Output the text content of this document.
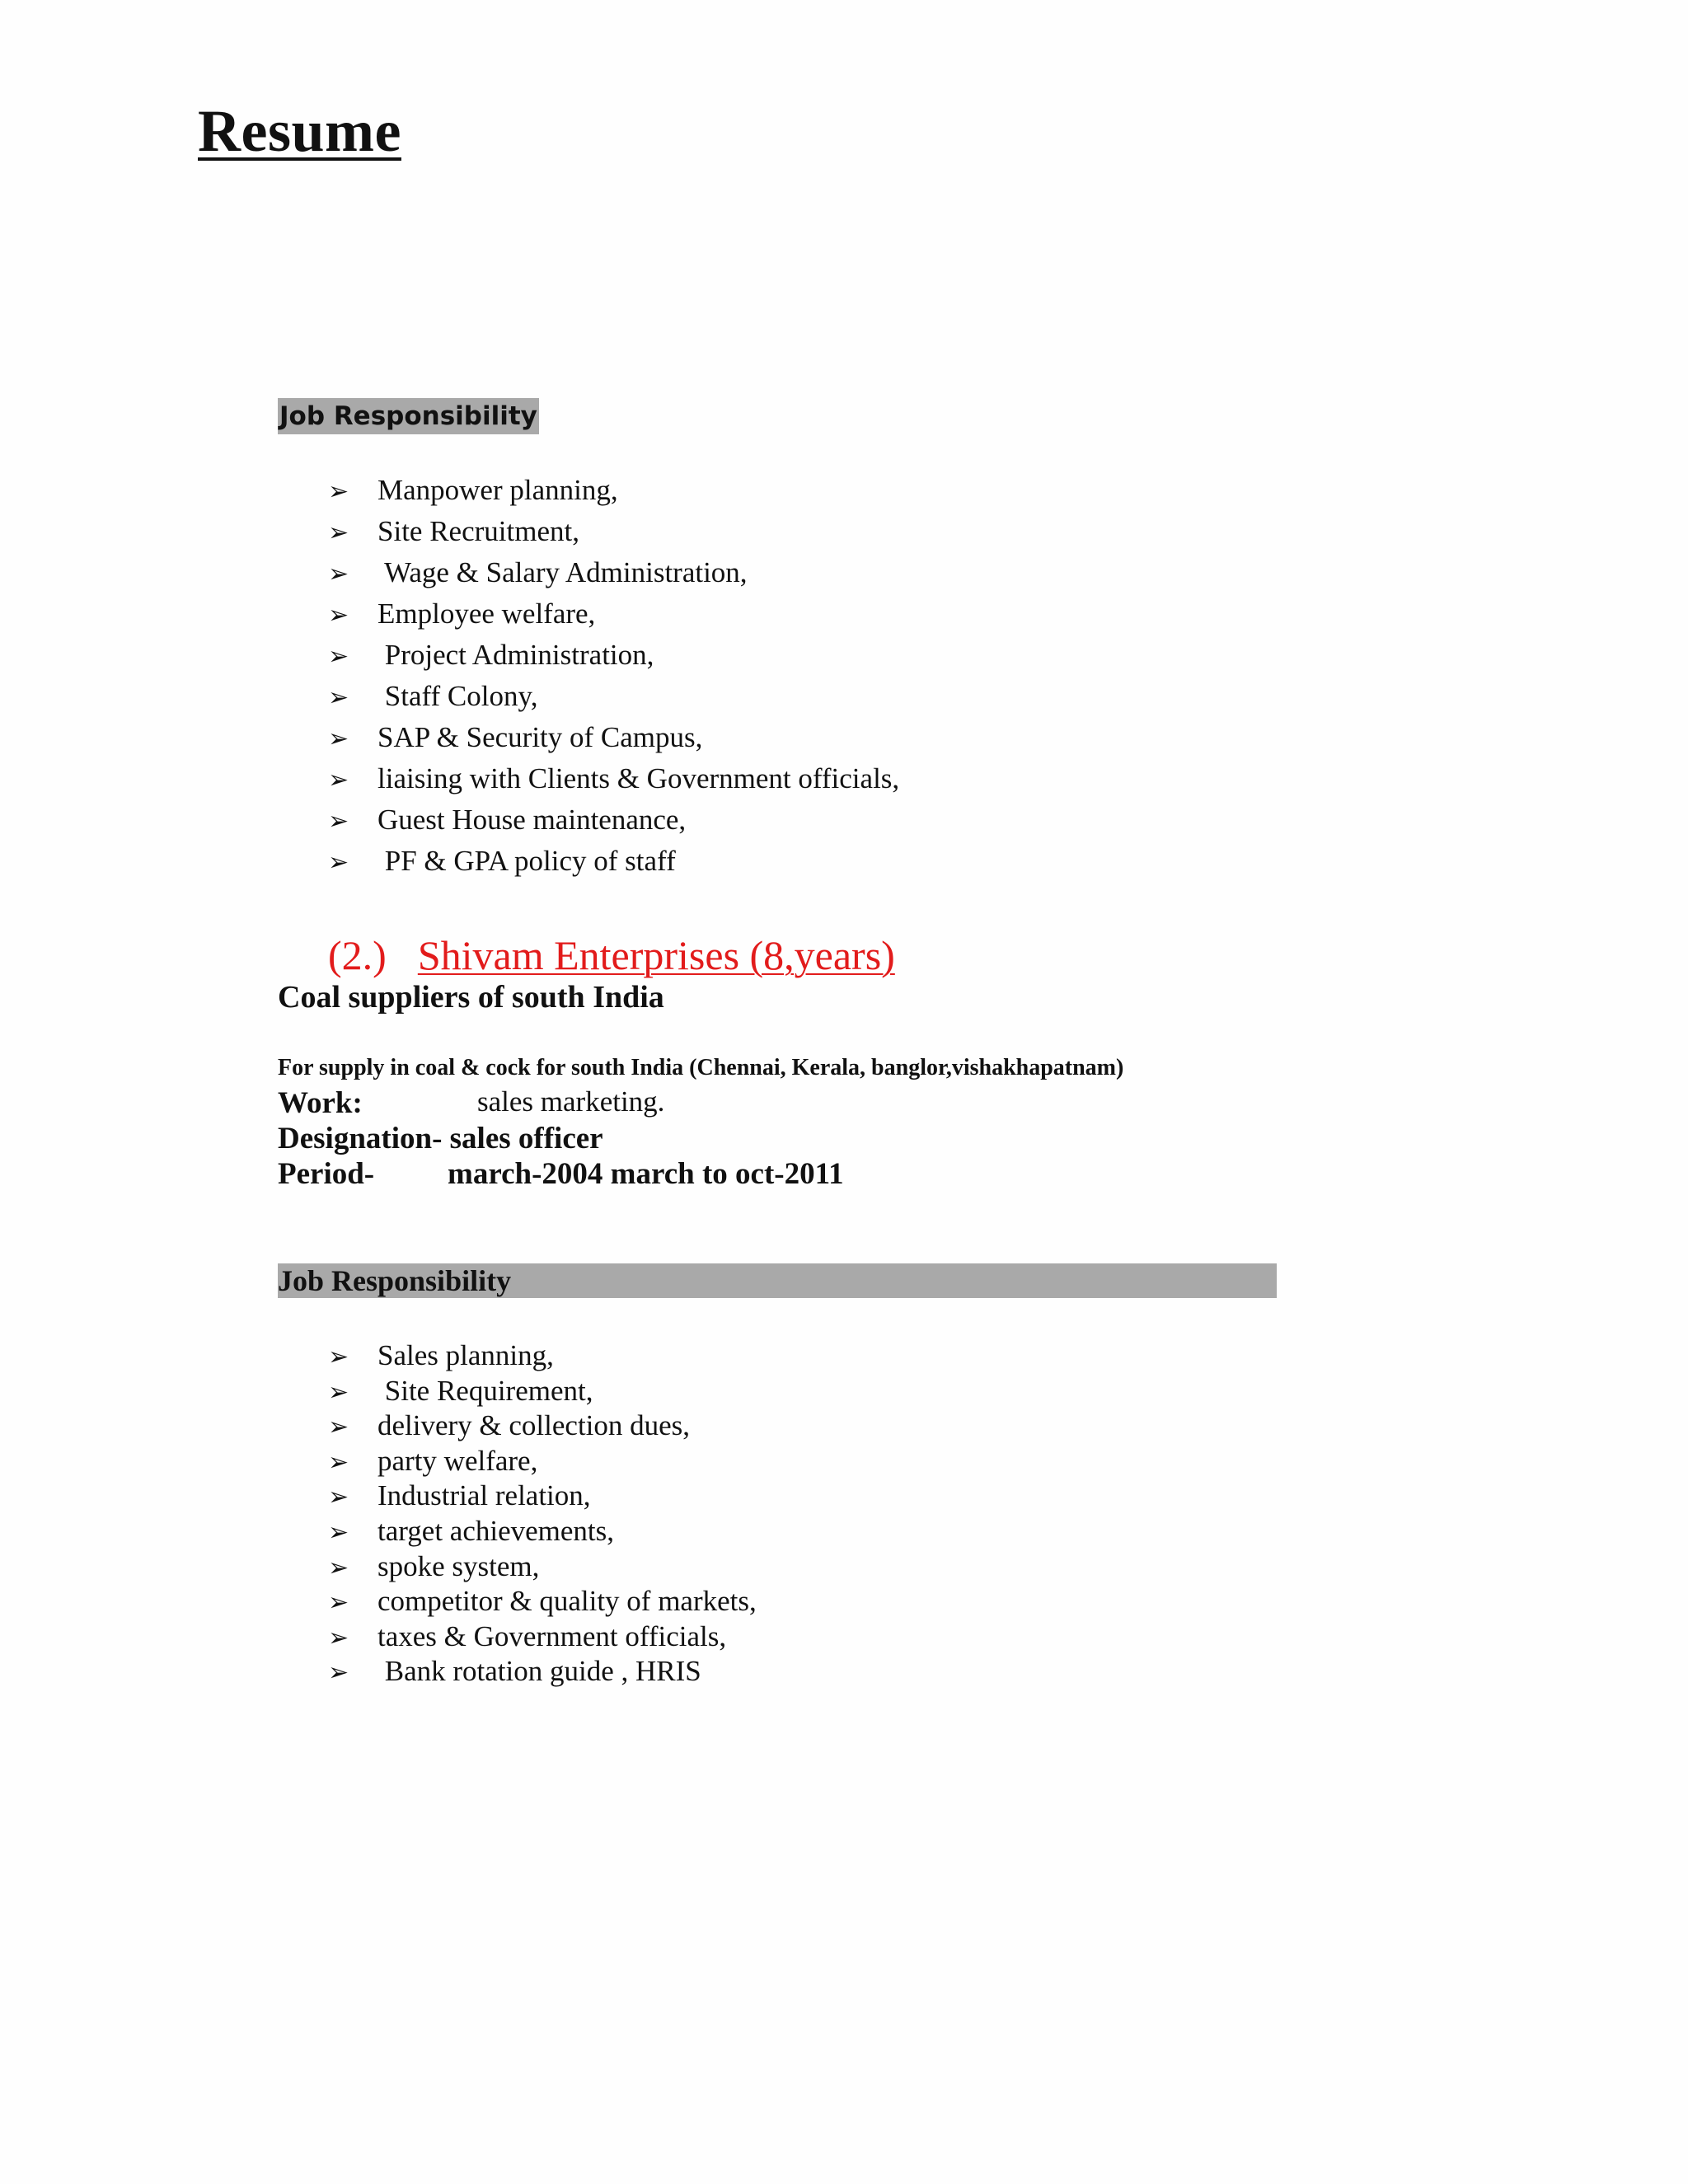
Resume
Job Responsibility
➢ Manpower planning,
➢ Site Recruitment,
➢ Wage & Salary Administration,
➢ Employee welfare,
➢ Project Administration,
➢ Staff Colony,
➢ SAP & Security of Campus,
➢ liaising with Clients & Government officials,
➢ Guest House maintenance,
➢ PF & GPA policy of staff
(2.) Shivam Enterprises (8,years)
Coal suppliers of south India
For supply in coal & cock for south India (Chennai, Kerala, banglor,vishakhapatnam)
Work:	sales marketing.
Designation- sales officer
Period- march-2004 march to oct-2011
Job Responsibility
➢ Sales planning,
➢ Site Requirement,
➢ delivery & collection dues,
➢ party welfare,
➢ Industrial relation,
➢ target achievements,
➢ spoke system,
➢ competitor & quality of markets,
➢ taxes & Government officials,
➢ Bank rotation guide , HRIS
